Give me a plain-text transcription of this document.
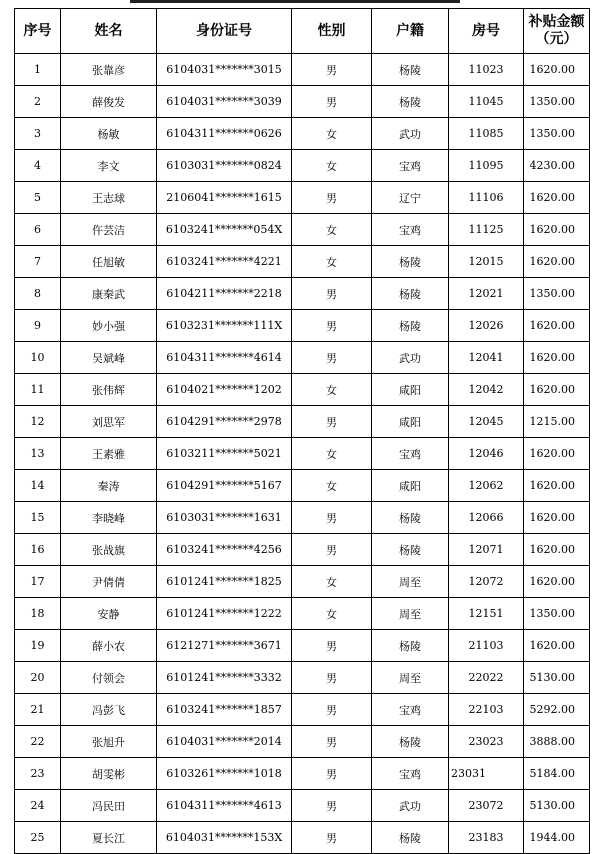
序号	姓名	身份证号	性别	户籍	房号	补贴金额
（元）

1	张靠彦	6104031*******3015	男	杨陵	11023	1620.00
2	薛俊发	6104031*******3039	男	杨陵	11045	1350.00
3	杨敏	6104311*******0626	女	武功	11085	1350.00
4	李文	6103031*******0824	女	宝鸡	11095	4230.00
5	王志球	2106041*******1615	男	辽宁	11106	1620.00
6	仵芸洁	6103241*******054X	女	宝鸡	11125	1620.00
7	任旭敏	6103241*******4221	女	杨陵	12015	1620.00
8	康秦武	6104211*******2218	男	杨陵	12021	1350.00
9	妙小强	6103231*******111X	男	杨陵	12026	1620.00
10	吴斌峰	6104311*******4614	男	武功	12041	1620.00
11	张伟辉	6104021*******1202	女	咸阳	12042	1620.00
12	刘思军	6104291*******2978	男	咸阳	12045	1215.00
13	王素雅	6103211*******5021	女	宝鸡	12046	1620.00
14	秦涛	6104291*******5167	女	咸阳	12062	1620.00
15	李晓峰	6103031*******1631	男	杨陵	12066	1620.00
16	张战旗	6103241*******4256	男	杨陵	12071	1620.00
17	尹倩倩	6101241*******1825	女	周至	12072	1620.00
18	安静	6101241*******1222	女	周至	12151	1350.00
19	薛小农	6121271*******3671	男	杨陵	21103	1620.00
20	付领会	6101241*******3332	男	周至	22022	5130.00
21	冯彭飞	6103241*******1857	男	宝鸡	22103	5292.00
22	张旭升	6104031*******2014	男	杨陵	23023	3888.00
23	胡雯彬	6103261*******1018	男	宝鸡	23031	5184.00
24	冯民田	6104311*******4613	男	武功	23072	5130.00
25	夏长江	6104031*******153X	男	杨陵	23183	1944.00
